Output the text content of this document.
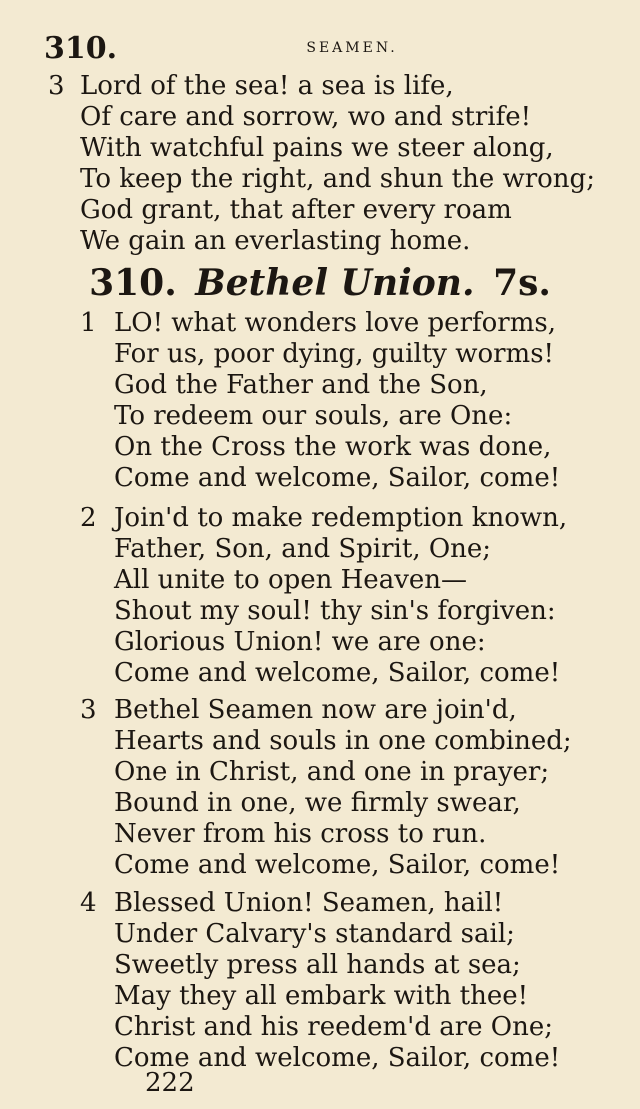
310.	SEAMEN.
3 Lord of the sea! a sea is life,
Of care and sorrow, wo and strife!
With watchful pains we steer along,
To keep the right, and shun the wrong;
God grant, that after every roam
We gain an everlasting home.
310. Bethel Union. 7s.
1 LO! what wonders love performs,
For us, poor dying, guilty worms!
God the Father and the Son,
To redeem our souls, are One:
On the Cross the work was done,
Come and welcome, Sailor, come!
2 Join'd to make redemption known,
Father, Son, and Spirit, One;
All unite to open Heaven—
Shout my soul! thy sin's forgiven:
Glorious Union! we are one:
Come and welcome, Sailor, come!
3 Bethel Seamen now are join'd,
Hearts and souls in one combined;
One in Christ, and one in prayer;
Bound in one, we firmly swear,
Never from his cross to run.
Come and welcome, Sailor, come!
4 Blessed Union! Seamen, hail!
Under Calvary's standard sail;
Sweetly press all hands at sea;
May they all embark with thee!
Christ and his reedem'd are One;
Come and welcome, Sailor, come!
222
